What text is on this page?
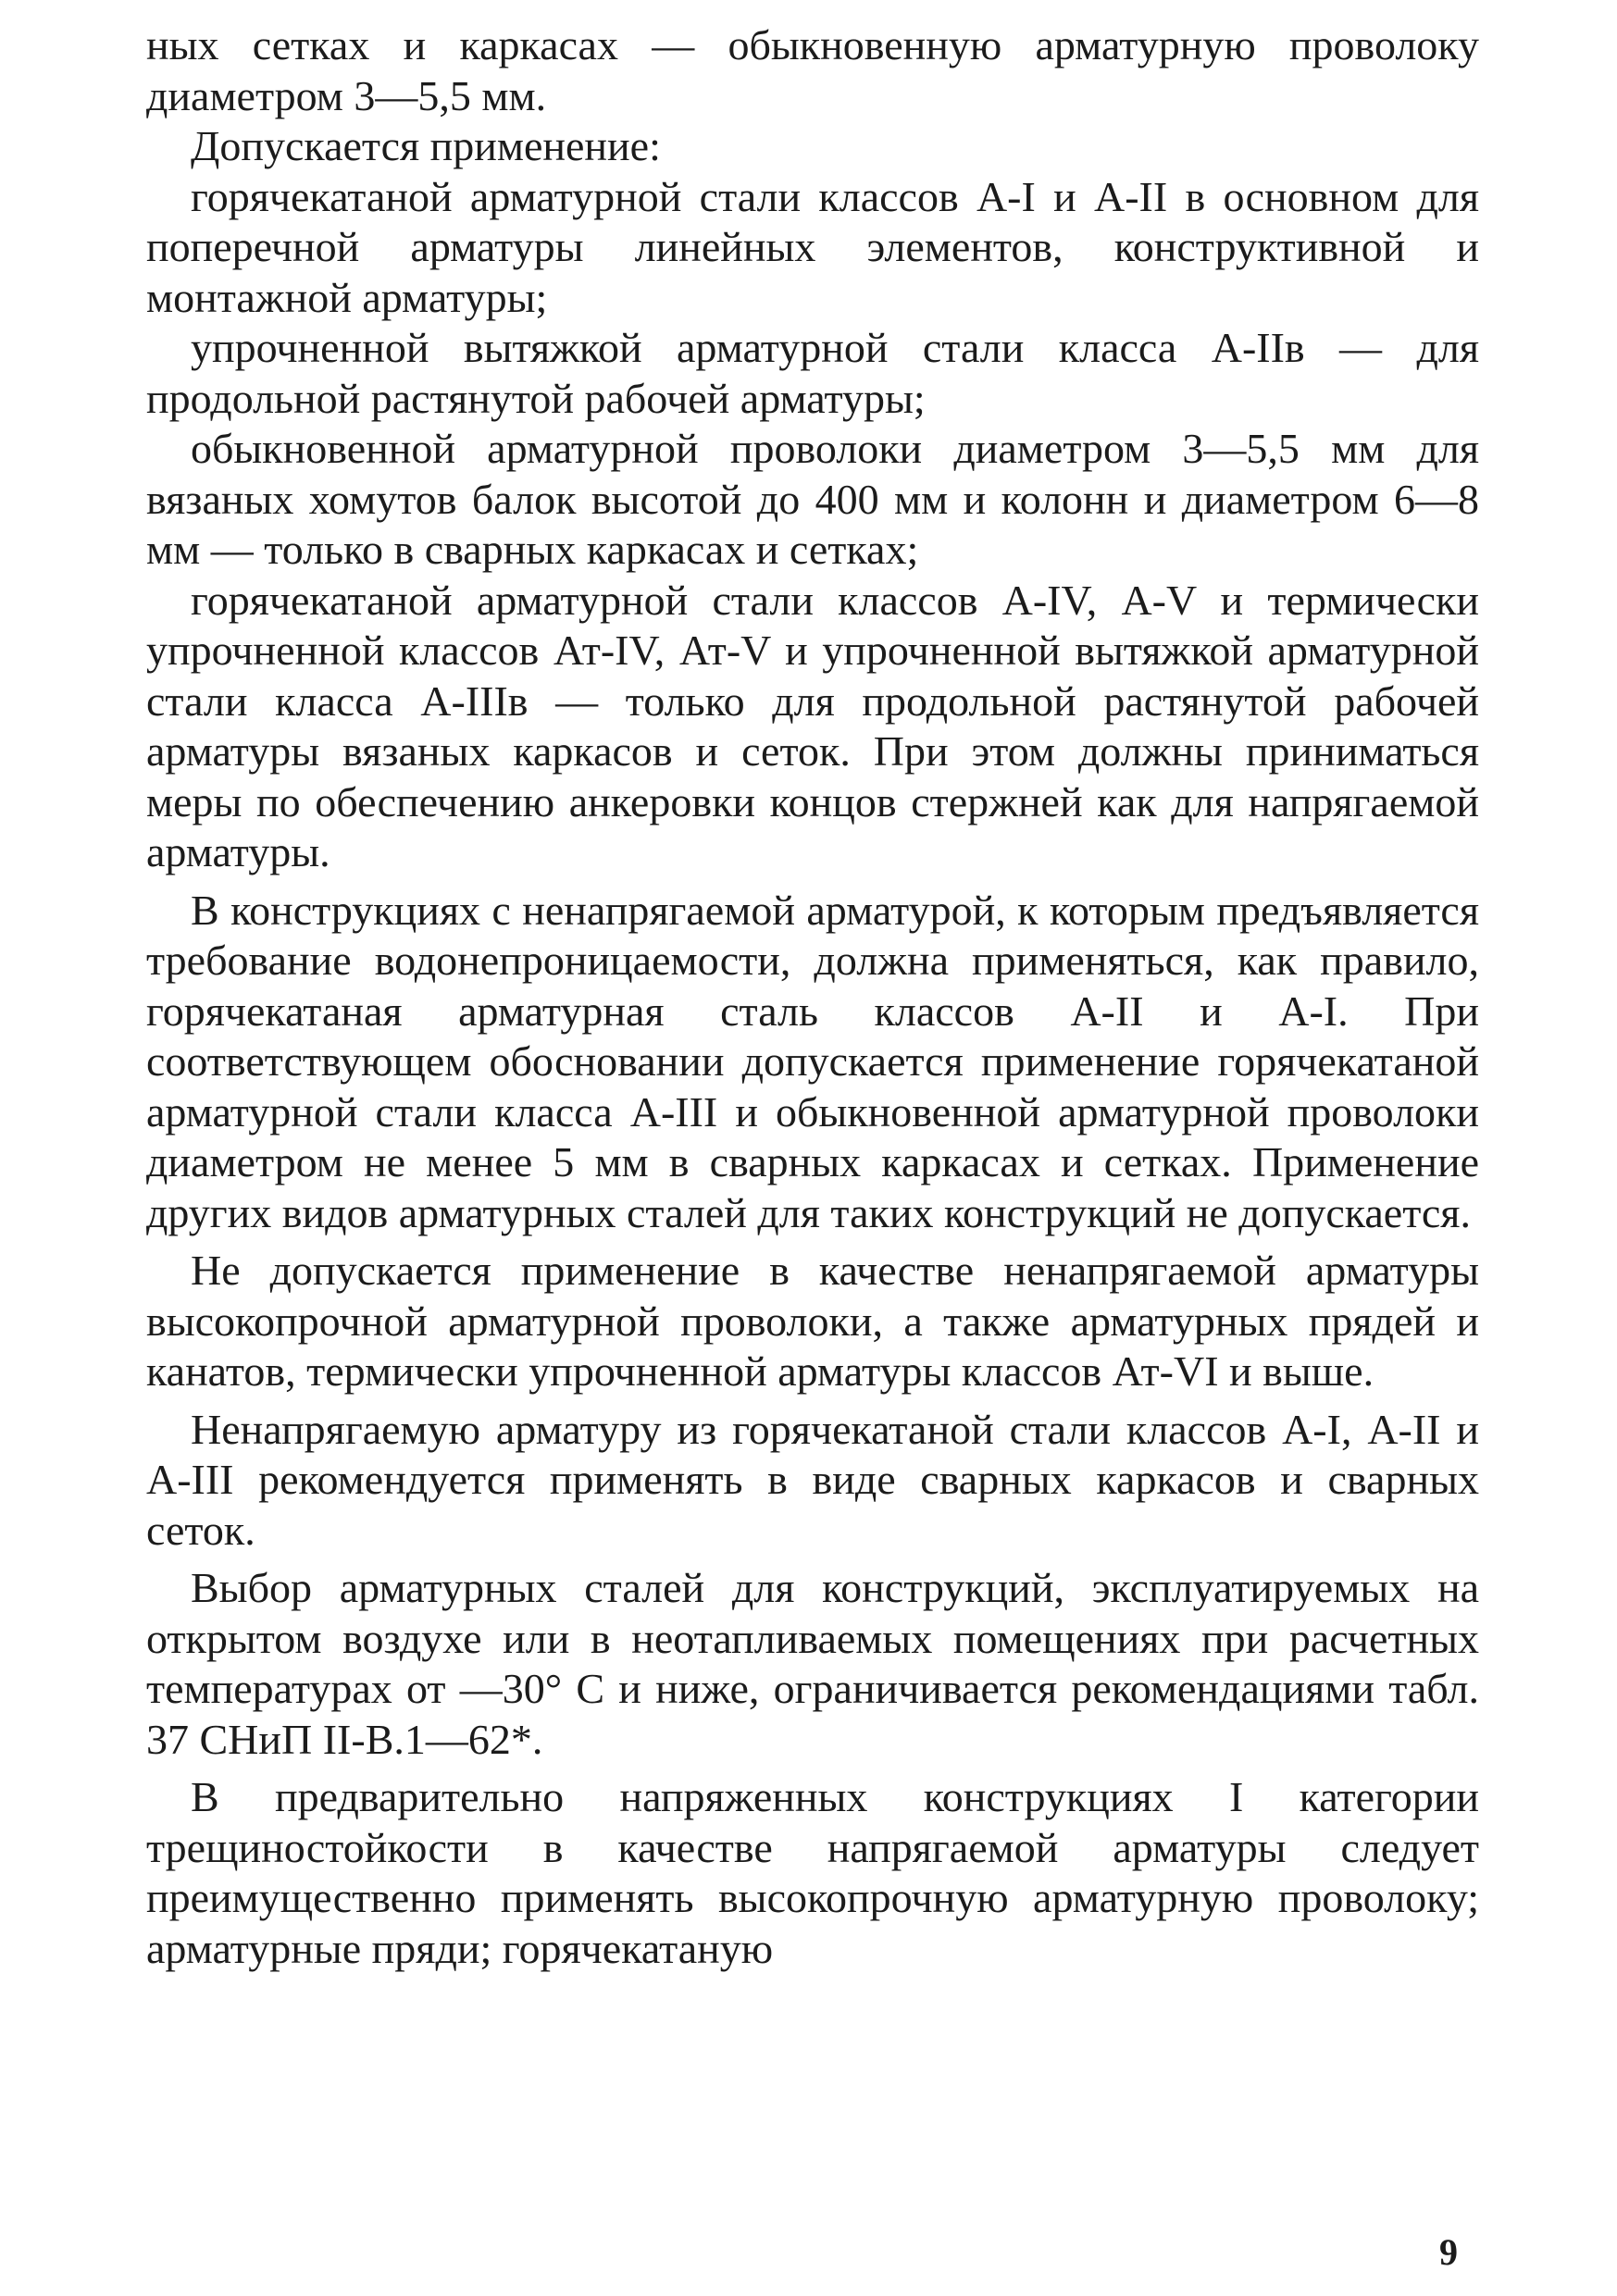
ных сетках и каркасах — обыкновенную арматурную проволоку диаметром 3—5,5 мм.

Допускается применение:

горячекатаной арматурной стали классов А-I и А-II в основном для поперечной арматуры линейных элементов, конструктивной и монтажной арматуры;

упрочненной вытяжкой арматурной стали класса А-IIв — для продольной растянутой рабочей арматуры;

обыкновенной арматурной проволоки диаметром 3—5,5 мм для вязаных хомутов балок высотой до 400 мм и колонн и диаметром 6—8 мм — только в сварных каркасах и сетках;

горячекатаной арматурной стали классов А-IV, А-V и термически упрочненной классов Ат-IV, Ат-V и упрочненной вытяжкой арматурной стали класса А-IIIв — только для продольной растянутой рабочей арматуры вязаных каркасов и сеток. При этом должны приниматься меры по обеспечению анкеровки концов стержней как для напрягаемой арматуры.

В конструкциях с ненапрягаемой арматурой, к которым предъявляется требование водонепроницаемости, должна применяться, как правило, горячекатаная арматурная сталь классов А-II и А-I. При соответствующем обосновании допускается применение горячекатаной арматурной стали класса А-III и обыкновенной арматурной проволоки диаметром не менее 5 мм в сварных каркасах и сетках. Применение других видов арматурных сталей для таких конструкций не допускается.

Не допускается применение в качестве ненапрягаемой арматуры высокопрочной арматурной проволоки, а также арматурных прядей и канатов, термически упрочненной арматуры классов Ат-VI и выше.

Ненапрягаемую арматуру из горячекатаной стали классов А-I, А-II и А-III рекомендуется применять в виде сварных каркасов и сварных сеток.

Выбор арматурных сталей для конструкций, эксплуатируемых на открытом воздухе или в неотапливаемых помещениях при расчетных температурах от —30° С и ниже, ограничивается рекомендациями табл. 37 СНиП II-В.1—62*.

В предварительно напряженных конструкциях I категории трещиностойкости в качестве напрягаемой арматуры следует преимущественно применять высокопрочную арматурную проволоку; арматурные пряди; горячекатаную

9
